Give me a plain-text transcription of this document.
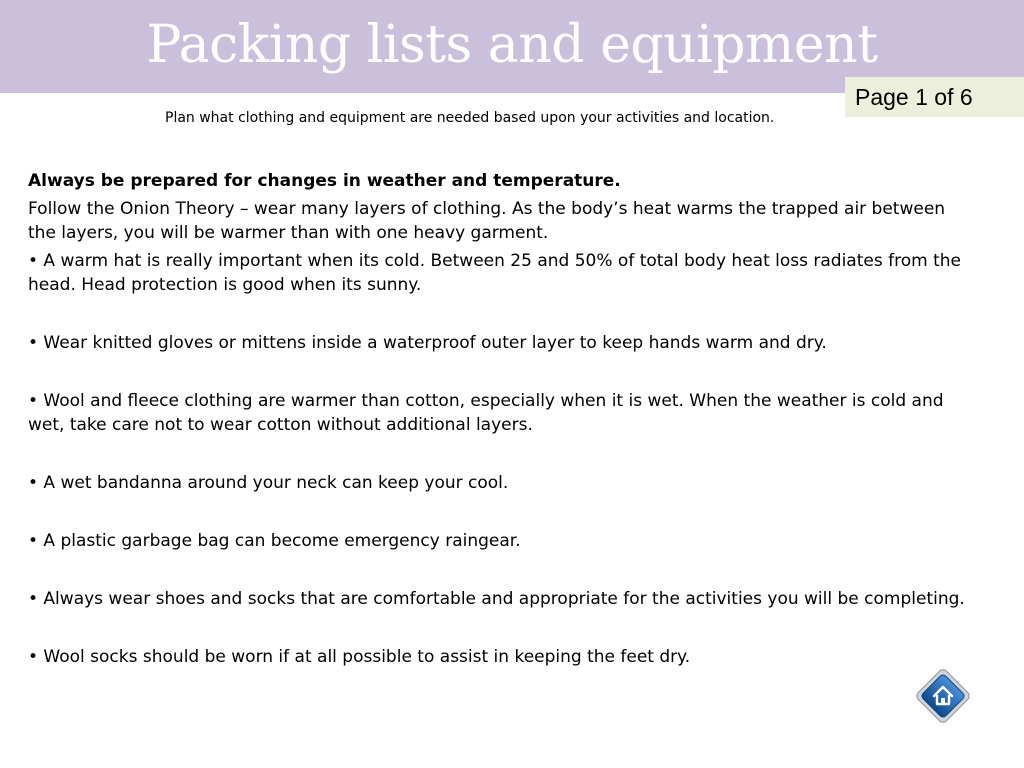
Packing lists and equipment
Page 1 of 6
Plan what clothing and equipment are needed based upon your activities and location.

Always be prepared for changes in weather and temperature.

Follow the Onion Theory – wear many layers of clothing. As the body’s heat warms the trapped air between the layers, you will be warmer than with one heavy garment.

• A warm hat is really important when its cold. Between 25 and 50% of total body heat loss radiates from the head. Head protection is good when its sunny.

• Wear knitted gloves or mittens inside a waterproof outer layer to keep hands warm and dry.

• Wool and fleece clothing are warmer than cotton, especially when it is wet. When the weather is cold and wet, take care not to wear cotton without additional layers.

• A wet bandanna around your neck can keep your cool.

• A plastic garbage bag can become emergency raingear.

• Always wear shoes and socks that are comfortable and appropriate for the activities you will be completing.

• Wool socks should be worn if at all possible to assist in keeping the feet dry.
